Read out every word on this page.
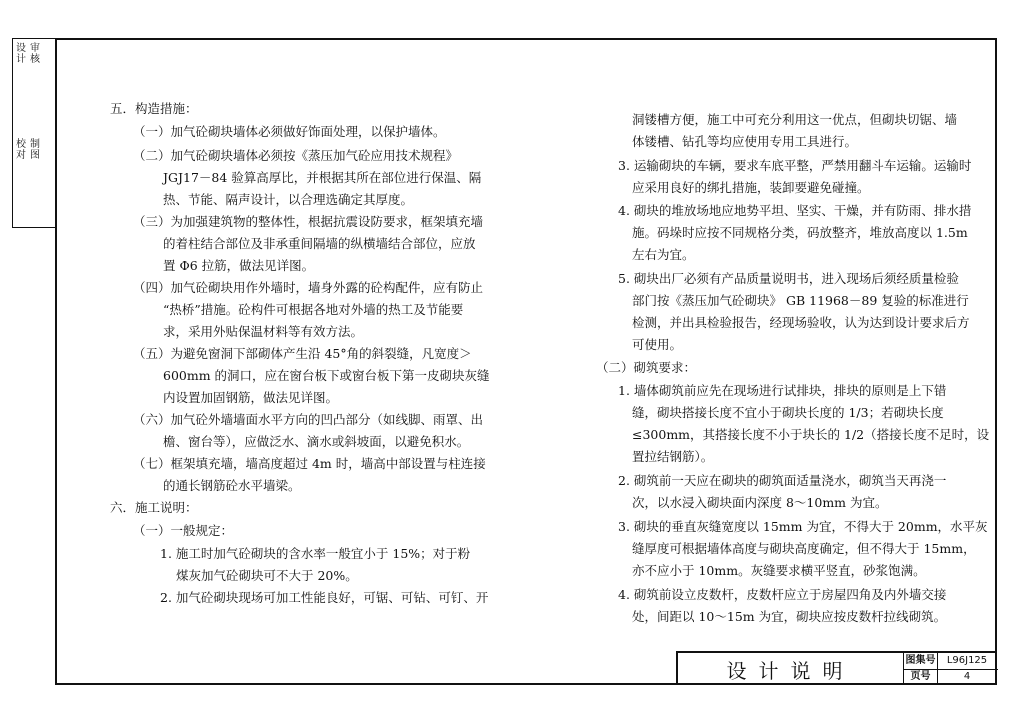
设计
审核
校对
制图
五．构造措施：
（一）加气砼砌块墙体必须做好饰面处理，以保护墙体。
（二）加气砼砌块墙体必须按《蒸压加气砼应用技术规程》
JGJ17－84 验算高厚比，并根据其所在部位进行保温、隔
热、节能、隔声设计，以合理选确定其厚度。
（三）为加强建筑物的整体性，根据抗震设防要求，框架填充墙
的着柱结合部位及非承重间隔墙的纵横墙结合部位，应放
置 Φ6 拉筋，做法见详图。
（四）加气砼砌块用作外墙时，墙身外露的砼构配件，应有防止
“热桥”措施。砼构件可根据各地对外墙的热工及节能要
求，采用外贴保温材料等有效方法。
（五）为避免窗洞下部砌体产生沿 45°角的斜裂缝，凡宽度＞
600mm 的洞口，应在窗台板下或窗台板下第一皮砌块灰缝
内设置加固钢筋，做法见详图。
（六）加气砼外墙墙面水平方向的凹凸部分（如线脚、雨罩、出
檐、窗台等），应做泛水、滴水或斜坡面，以避免积水。
（七）框架填充墙，墙高度超过 4m 时，墙高中部设置与柱连接
的通长钢筋砼水平墙梁。
六．施工说明：
（一）一般规定：
1. 施工时加气砼砌块的含水率一般宜小于 15%；对于粉
煤灰加气砼砌块可不大于 20%。
2. 加气砼砌块现场可加工性能良好，可锯、可钻、可钉、开
洞镂槽方便，施工中可充分利用这一优点，但砌块切锯、墙
体镂槽、钻孔等均应使用专用工具进行。
3. 运输砌块的车辆，要求车底平整，严禁用翻斗车运输。运输时
应采用良好的绑扎措施，装卸要避免碰撞。
4. 砌块的堆放场地应地势平坦、坚实、干燥，并有防雨、排水措
施。码垛时应按不同规格分类，码放整齐，堆放高度以 1.5m
左右为宜。
5. 砌块出厂必须有产品质量说明书，进入现场后须经质量检验
部门按《蒸压加气砼砌块》 GB 11968－89 复验的标准进行
检测，并出具检验报告，经现场验收，认为达到设计要求后方
可使用。
（二）砌筑要求：
1. 墙体砌筑前应先在现场进行试排块，排块的原则是上下错
缝，砌块搭接长度不宜小于砌块长度的 1/3；若砌块长度
≤300mm，其搭接长度不小于块长的 1/2（搭接长度不足时，设
置拉结钢筋）。
2. 砌筑前一天应在砌块的砌筑面适量浇水，砌筑当天再浇一
次，以水浸入砌块面内深度 8～10mm 为宜。
3. 砌块的垂直灰缝宽度以 15mm 为宜，不得大于 20mm，水平灰
缝厚度可根据墙体高度与砌块高度确定，但不得大于 15mm，
亦不应小于 10mm。灰缝要求横平竖直，砂浆饱满。
4. 砌筑前设立皮数杆，皮数杆应立于房屋四角及内外墙交接
处，间距以 10～15m 为宜，砌块应按皮数杆拉线砌筑。
设计说明	图集号	L96J125
页号	4
